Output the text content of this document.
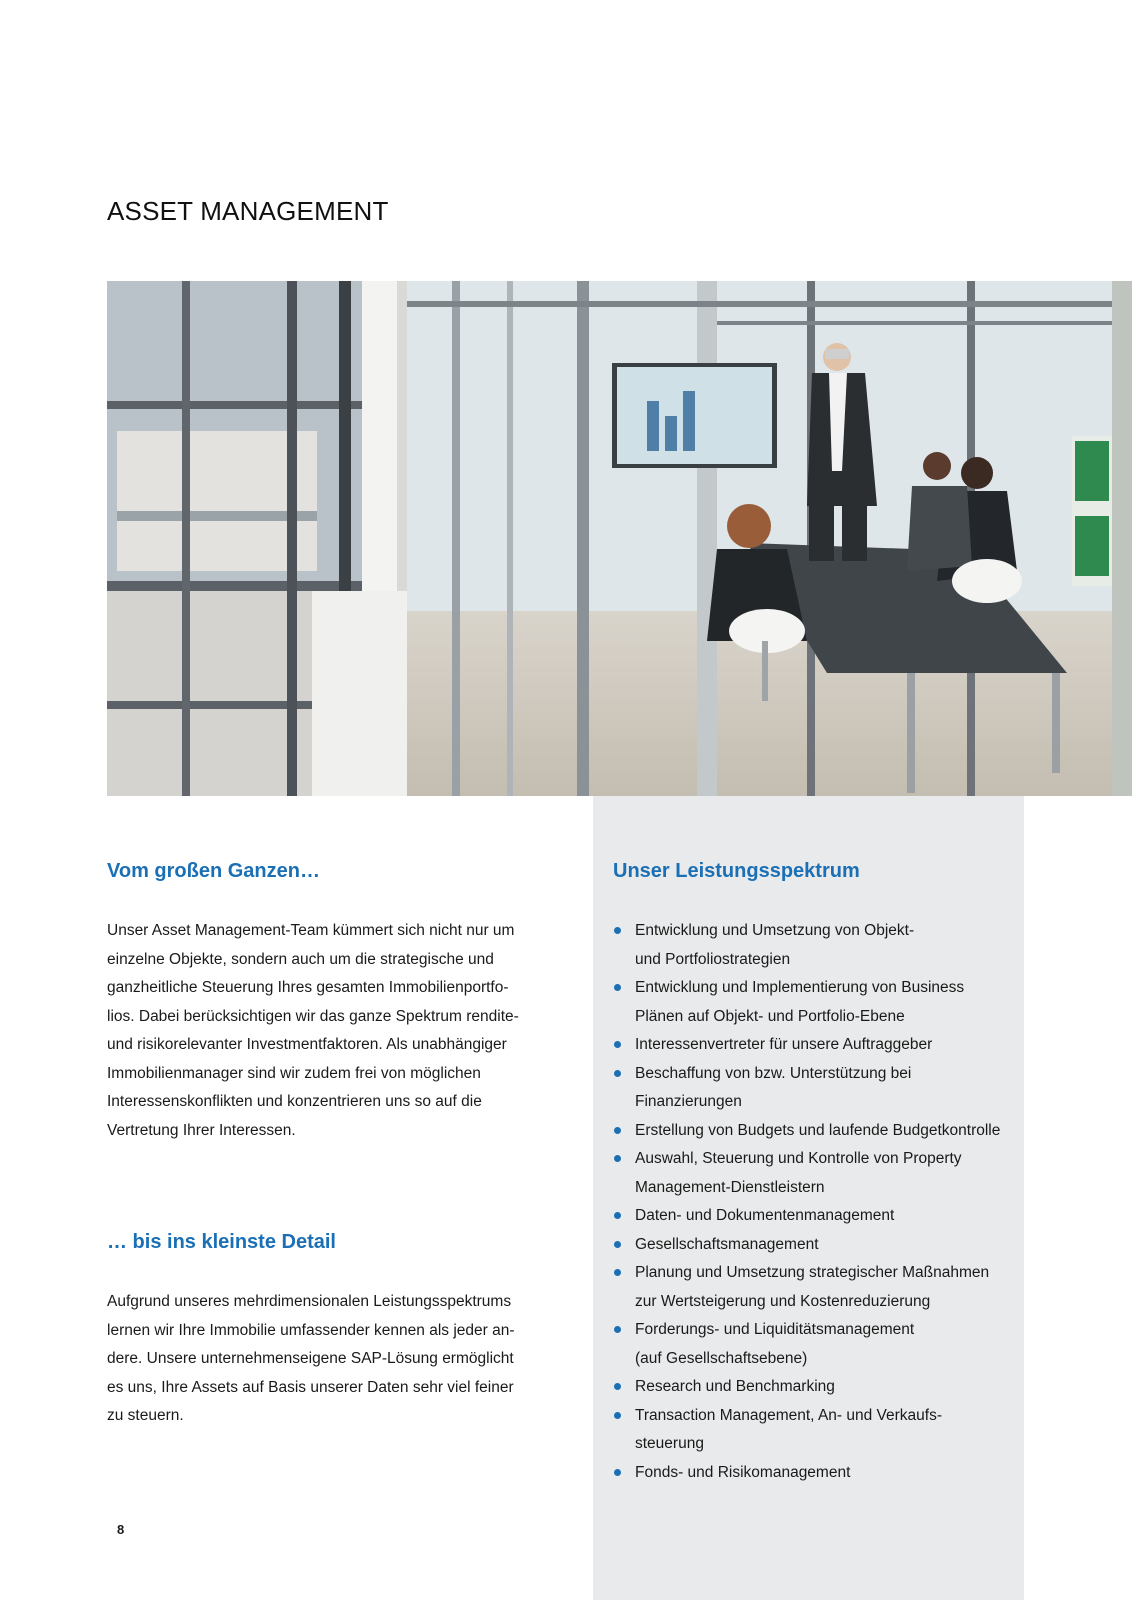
ASSET MANAGEMENT
Vom großen Ganzen…

Unser Asset Management-Team kümmert sich nicht nur um
einzelne Objekte, sondern auch um die strategische und
ganzheitliche Steuerung Ihres gesamten Immobilienportfo-
lios. Dabei berücksichtigen wir das ganze Spektrum rendite-
und risikorelevanter Investmentfaktoren. Als unabhängiger
Immobilienmanager sind wir zudem frei von möglichen
Interessenskonflikten und konzentrieren uns so auf die
Vertretung Ihrer Interessen.

… bis ins kleinste Detail

Aufgrund unseres mehrdimensionalen Leistungsspektrums
lernen wir Ihre Immobilie umfassender kennen als jeder an-
dere. Unsere unternehmenseigene SAP-Lösung ermöglicht
es uns, Ihre Assets auf Basis unserer Daten sehr viel feiner
zu steuern.

Unser Leistungsspektrum
Entwicklung und Umsetzung von Objekt-
und Portfoliostrategien
Entwicklung und Implementierung von Business
Plänen auf Objekt- und Portfolio-Ebene
Interessenvertreter für unsere Auftraggeber
Beschaffung von bzw. Unterstützung bei
Finanzierungen
Erstellung von Budgets und laufende Budgetkontrolle
Auswahl, Steuerung und Kontrolle von Property
Management-Dienstleistern
Daten- und Dokumentenmanagement
Gesellschaftsmanagement
Planung und Umsetzung strategischer Maßnahmen
zur Wertsteigerung und Kostenreduzierung
Forderungs- und Liquiditätsmanagement
(auf Gesellschaftsebene)
Research und Benchmarking
Transaction Management, An- und Verkaufs-
steuerung
Fonds- und Risikomanagement
8
